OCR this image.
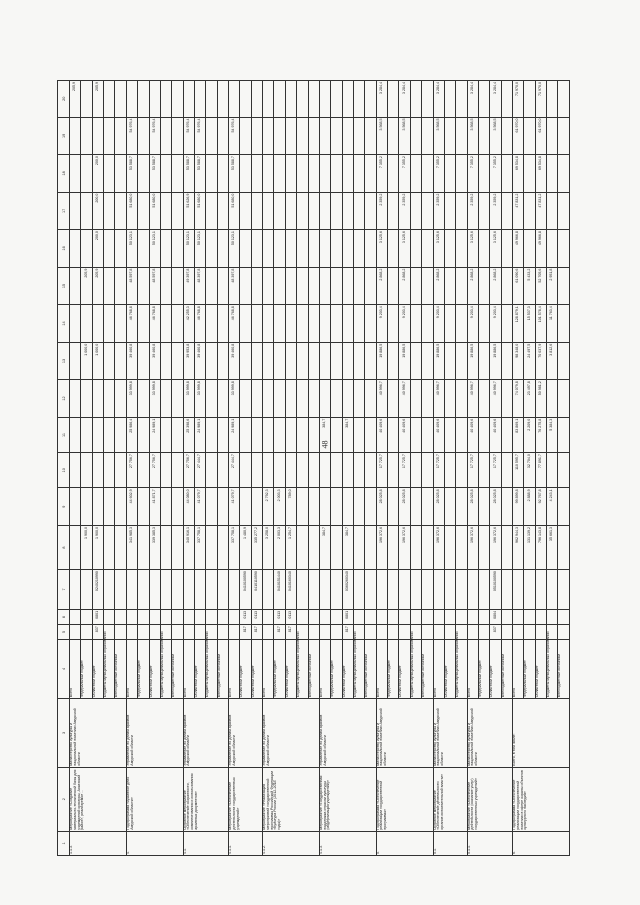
48
1	2	3	4	5	6	7	8	9	10	11	12	13	14	15	16	17	18	19	20
1.1.3.	Мероприятие «Создание материально-технической базы для учреждений культуры, Аскизский район», реализуемое ...	Министерство культуры и национальной политики Амурской области	Всего																205,9
			Федеральный бюджет				1 900,0					1 000,0		205,9					
			Областной бюджет	837	0801	0240210990	1 900,0					1 000,0		205,9	200,0	200,0	200,0		205,9
			Бюджеты муниципальных образований																
			Внебюджетные источники																
4.	Подпрограмма «Архивное дело Амурской области»	Управление по делам архивов Амурской области	Всего				341 985,3	44 602,9	27 756,7	25 986,4	33 999,8	39 460,8	46 768,8	48 597,8	50 123,1	51 680,0	53 588,7	54 976,4	
			Федеральный бюджет																
			Областной бюджет				339 385,3	41 871,7	27 756,7	24 989,1	33 999,8	39 460,8	46 768,8	48 597,8	50 123,1	51 680,0	53 588,7	54 976,4	
			Бюджеты муниципальных образований																
			Внебюджетные источники																
4.1.	Основное мероприятие «Обеспечение сохранности, комплектования и использования архивных документов»	Управление по делам архивов Амурской области	Всего				340 916,1	44 080,0	27 756,7	25 398,6	33 999,8	39 953,8	42 255,3	49 397,8	50 123,1	51 626,9	53 588,7	54 976,4	
			Областной бюджет				337 758,1	41 079,7	27 444,7	24 989,1	33 999,8	39 460,8	46 768,8	48 397,8	50 123,1	51 680,0	53 588,7	54 976,4	
			Бюджеты муниципальных образований																
			Внебюджетные источники																
4.1.1.	Мероприятие «Обеспечение деятельности государственных учреждений»	Управление по делам архивов Амурской области	Всего				337 758,1	41 079,7	27 444,7	24 989,1	33 999,8	39 460,8	46 768,8	48 397,8	50 123,1	51 680,0	53 588,7	54 976,4	
			Областной бюджет	817	0113	0410100590	1 480,9												
			Областной бюджет	817	0113	0410110590	335 277,2												
4.1.2.	Мероприятие «Реализация мероприятий государственной программы Российской Федерации «Культура России (2012-2018 годы)»	Управление по делам архивов Амурской области	Всего				3 258,0	2 792,3											
			Федеральный бюджет	817	0113	0410151440	2 003,3	2 003,3											
			Областной бюджет	817	0113	0410160340	1 254,7	789,0											
			Бюджеты муниципальных образований																
			Внебюджетные источники																
4.1.3.	Мероприятие «Государственная поддержка отрасли культуры (модернизация учреждений)»	Управление по делам архивов Амурской области	Всего				384,7			384,7									
			Федеральный бюджет																
			Областной бюджет	817	0801	0360260340	384,7			384,7									
			Бюджеты муниципальных образований																
			Внебюджетные источники																
5.	Подпрограмма «Обеспечение реализации государственной программы»	Министерство культуры и национальной политики Амурской области	Всего				196 372,6	28 025,8	17 725,7	40 409,6	40 996,7	19 886,5	9 203,4	2 868,2	3 125,6	2 359,2	7 355,2	3 568,5	3 284,4
			Федеральный бюджет																
			Областной бюджет				196 372,6	28 025,8	17 725,7	40 409,6	40 996,7	19 886,5	9 203,4	2 868,2	3 125,6	2 359,2	7 355,2	3 568,5	3 284,4
			Бюджеты муниципальных образований																
			Внебюджетные источники																
5.1.	Основное мероприятие «Обеспечение деятельности органов исполнительной власти»	Министерство культуры и национальной политики Амурской области	Всего				196 372,6	28 025,8	17 725,7	40 409,6	40 996,7	19 886,5	9 203,4	2 868,2	3 125,6	2 359,2	7 355,2	3 568,5	3 284,4
			Областной бюджет																
			Бюджеты муниципальных образований																
5.1.1.	Мероприятие «Обеспечение деятельности (оказание услуг) государственных учреждений»	Министерство культуры и национальной политики Амурской области	Всего				196 372,6	28 025,8	17 725,7	40 409,6	40 996,7	19 886,5	9 203,4	2 868,2	3 125,6	2 359,2	7 355,2	3 568,5	3 284,4
			Федеральный бюджет																
			Областной бюджет	837	0804	0510100590	196 372,6	28 025,8	17 725,7	40 409,6	40 996,7	19 886,5	9 203,4	2 868,2	3 125,6	2 359,2	7 355,2	3 568,5	3 284,4
			Внебюджетные источники																
6.	Подпрограмма «Обеспечение реализации государственной политики в сфере охраны объектов культурного наследия»	Всего, в том числе:	Всего				962 944,3	99 899,8	110 595,7	83 869,1	74 079,8	98 348,0	128 879,1	61 090,6	49 966,8	47 831,2	69 534,8	61 970,0	71 970,0
			Федеральный бюджет				131 139,2	2 888,9	32 704,0	2 209,0	23 497,8	24 497,5	15 537,3	5 433,2					
			Областной бюджет				796 143,8	92 767,8	77 891,7	76 275,8	50 981,2	70 037,9	101 578,4	52 705,6	49 966,8	47 831,2	69 534,8	61 970,0	71 970,0
			Бюджеты муниципальных образований				35 661,3	4 243,1		5 384,3		3 812,6	11 763,4	2 951,8					
			Внебюджетные источники																
